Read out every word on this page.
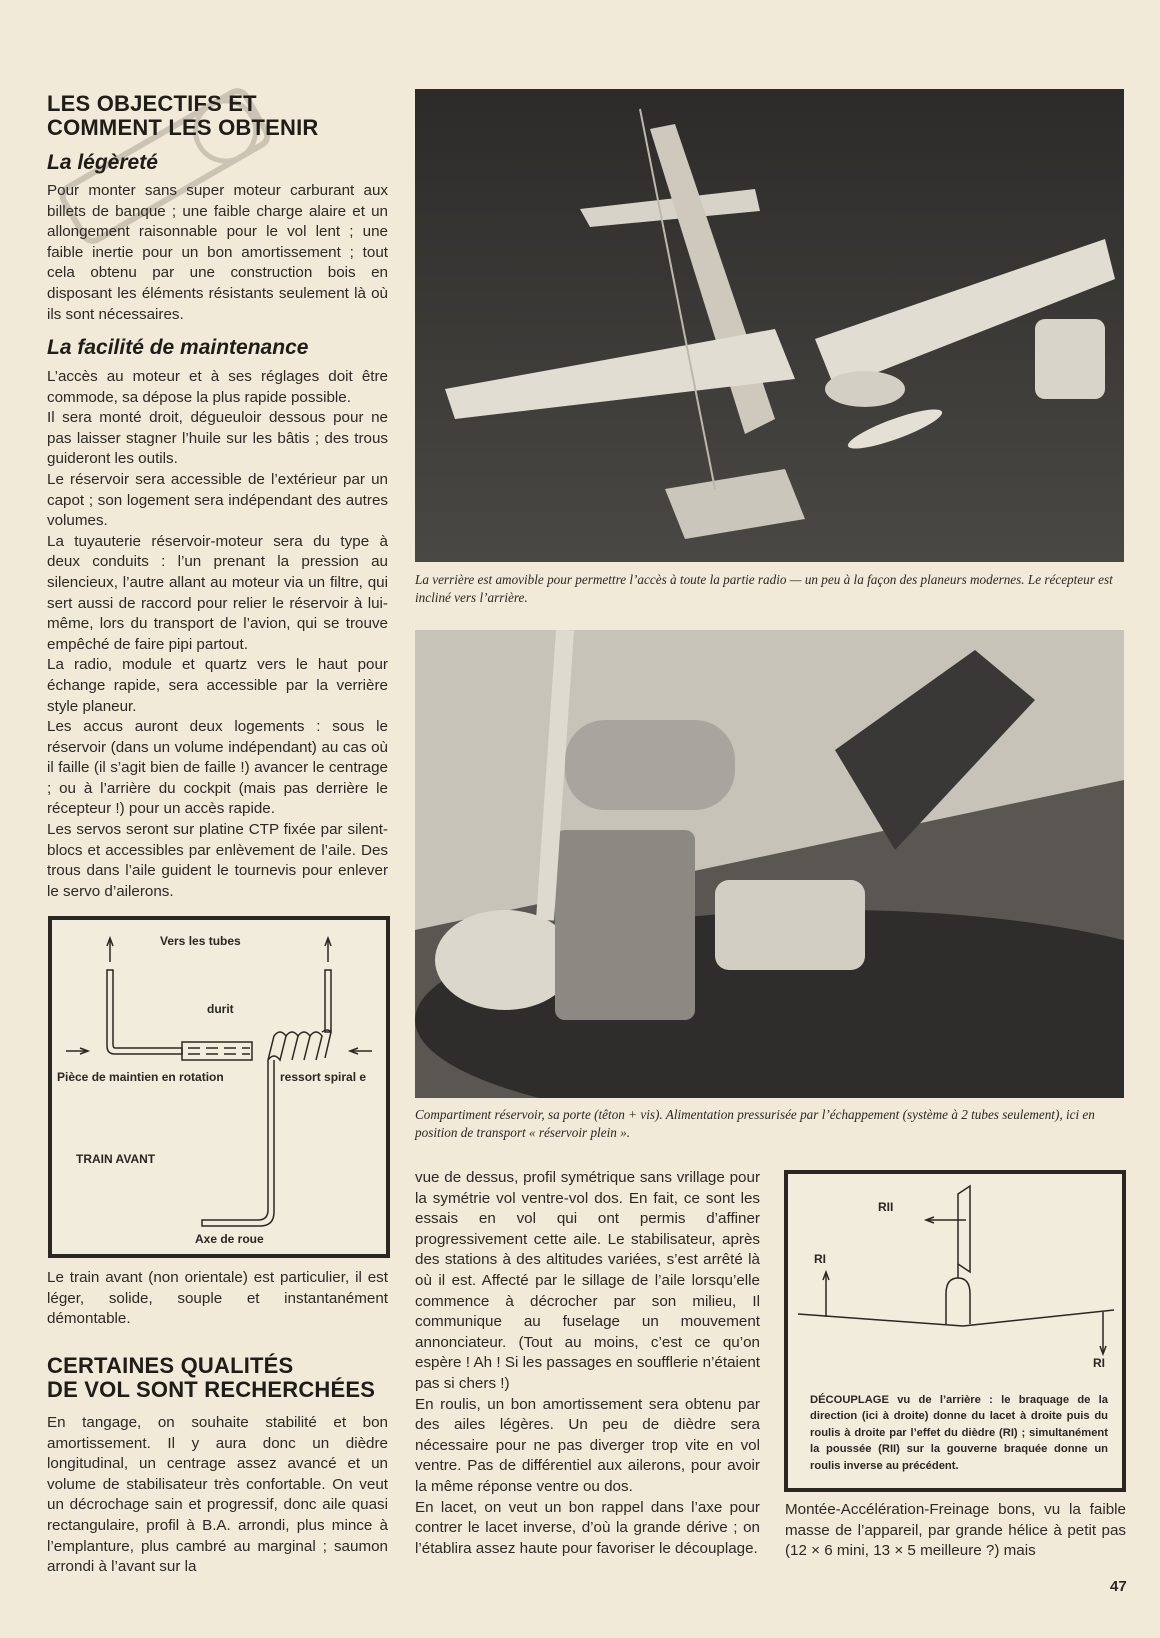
LES OBJECTIFS ET
COMMENT LES OBTENIR
La légèreté

Pour monter sans super moteur carburant aux billets de banque ; une faible charge alaire et un allongement raisonnable pour le vol lent ; une faible inertie pour un bon amortissement ; tout cela obtenu par une construction bois en disposant les éléments résistants seulement là où ils sont nécessaires.

La facilité de maintenance

L’accès au moteur et à ses réglages doit être commode, sa dépose la plus rapide possible.

Il sera monté droit, dégueuloir dessous pour ne pas laisser stagner l’huile sur les bâtis ; des trous guideront les outils.

Le réservoir sera accessible de l’extérieur par un capot ; son logement sera indépendant des autres volumes.

La tuyauterie réservoir-moteur sera du type à deux conduits : l’un prenant la pression au silencieux, l’autre allant au moteur via un filtre, qui sert aussi de raccord pour relier le réservoir à lui-même, lors du transport de l’avion, qui se trouve empêché de faire pipi partout.

La radio, module et quartz vers le haut pour échange rapide, sera accessible par la verrière style planeur.

Les accus auront deux logements : sous le réservoir (dans un volume indépendant) au cas où il faille (il s’agit bien de faille !) avancer le centrage ; ou à l’arrière du cockpit (mais pas derrière le récepteur !) pour un accès rapide.

Les servos seront sur platine CTP fixée par silent-blocs et accessibles par enlèvement de l’aile. Des trous dans l’aile guident le tournevis pour enlever le servo d’ailerons.

Vers les tubes
durit
Pièce de maintien en rotation	ressort spiral e
TRAIN AVANT
Axe de roue

Le train avant (non orientale) est particulier, il est léger, solide, souple et instantanément démontable.

CERTAINES QUALITÉS
DE VOL SONT RECHERCHÉES

En tangage, on souhaite stabilité et bon amortissement. Il y aura donc un dièdre longitudinal, un centrage assez avancé et un volume de stabilisateur très confortable. On veut un décrochage sain et progressif, donc aile quasi rectangulaire, profil à B.A. arrondi, plus mince à l’emplanture, plus cambré au marginal ; saumon arrondi à l’avant sur la

La verrière est amovible pour permettre l’accès à toute la partie radio — un peu à la façon des planeurs modernes. Le récepteur est incliné vers l’arrière.
Compartiment réservoir, sa porte (têton + vis). Alimentation pressurisée par l’échappement (système à 2 tubes seulement), ici en position de transport « réservoir plein ».

vue de dessus, profil symétrique sans vrillage pour la symétrie vol ventre-vol dos. En fait, ce sont les essais en vol qui ont permis d’affiner progressivement cette aile. Le stabilisateur, après des stations à des altitudes variées, s’est arrêté là où il est. Affecté par le sillage de l’aile lorsqu’elle commence à décrocher par son milieu, Il communique au fuselage un mouvement annonciateur. (Tout au moins, c’est ce qu’on espère ! Ah ! Si les passages en soufflerie n’étaient pas si chers !)

En roulis, un bon amortissement sera obtenu par des ailes légères. Un peu de dièdre sera nécessaire pour ne pas diverger trop vite en vol ventre. Pas de différentiel aux ailerons, pour avoir la même réponse ventre ou dos.

En lacet, on veut un bon rappel dans l’axe pour contrer le lacet inverse, d’où la grande dérive ; on l’établira assez haute pour favoriser le découplage.

RII
RI
RI
DÉCOUPLAGE vu de l’arrière : le braquage de la direction (ici à droite) donne du lacet à droite puis du roulis à droite par l’effet du dièdre (RI) ; simultanément la poussée (RII) sur la gouverne braquée donne un roulis inverse au précédent.

Montée-Accélération-Freinage bons, vu la faible masse de l’appareil, par grande hélice à petit pas (12 × 6 mini, 13 × 5 meilleure ?) mais

47
